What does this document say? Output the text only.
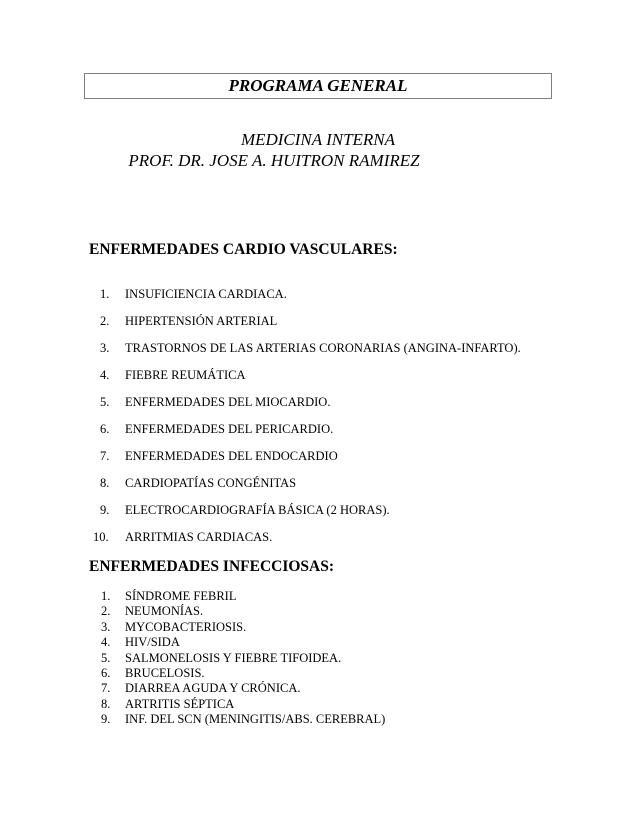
PROGRAMA GENERAL
MEDICINA INTERNA
PROF. DR. JOSE A. HUITRON RAMIREZ
ENFERMEDADES CARDIO VASCULARES:
1. INSUFICIENCIA CARDIACA.
2. HIPERTENSIÓN ARTERIAL
3. TRASTORNOS DE LAS ARTERIAS CORONARIAS (ANGINA-INFARTO).
4. FIEBRE REUMÁTICA
5. ENFERMEDADES DEL MIOCARDIO.
6. ENFERMEDADES DEL PERICARDIO.
7. ENFERMEDADES DEL ENDOCARDIO
8. CARDIOPATÍAS CONGÉNITAS
9. ELECTROCARDIOGRAFÍA BÁSICA (2 HORAS).
10. ARRITMIAS CARDIACAS.
ENFERMEDADES INFECCIOSAS:
1. SÍNDROME FEBRIL
2. NEUMONÍAS.
3. MYCOBACTERIOSIS.
4. HIV/SIDA
5. SALMONELOSIS Y FIEBRE TIFOIDEA.
6. BRUCELOSIS.
7. DIARREA AGUDA Y CRÓNICA.
8. ARTRITIS SÉPTICA
9. INF. DEL SCN (MENINGITIS/ABS. CEREBRAL)
